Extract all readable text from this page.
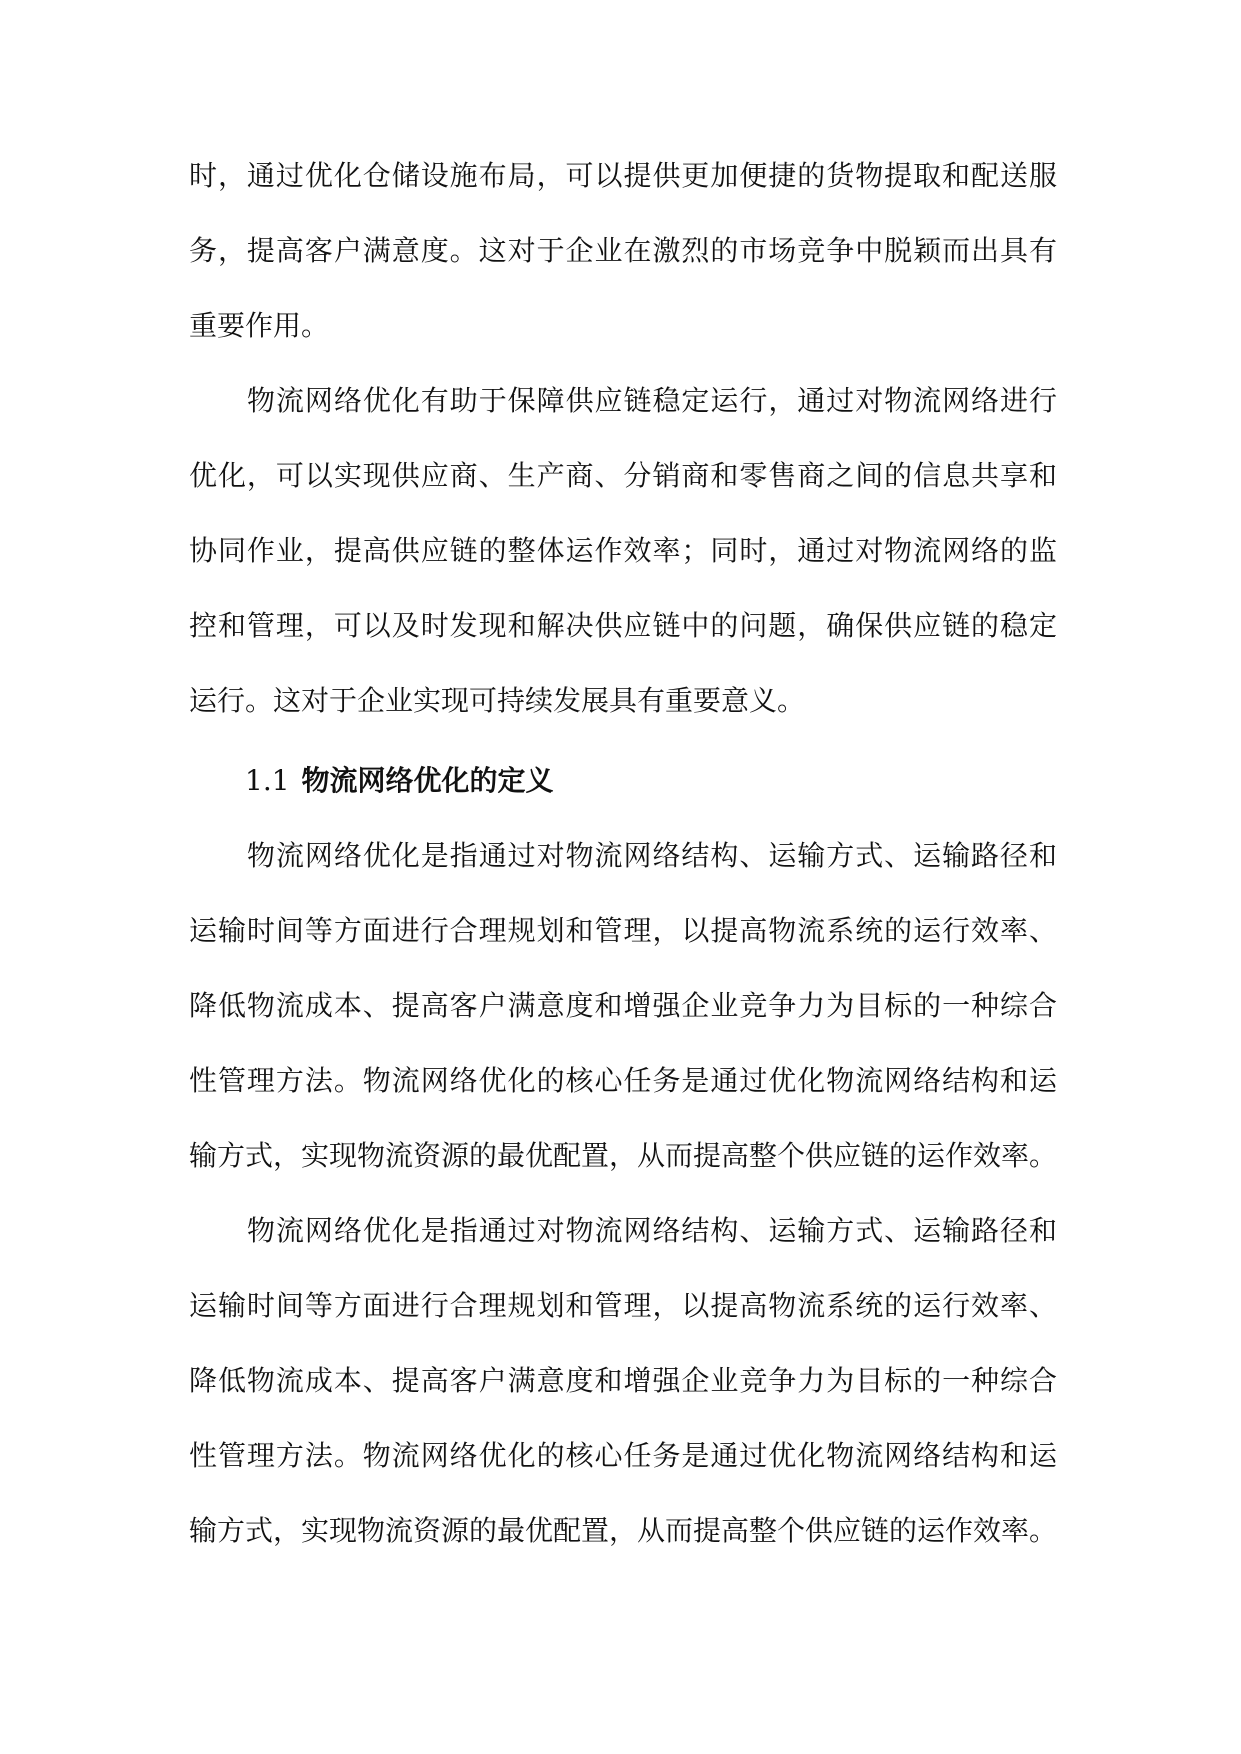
时，通过优化仓储设施布局，可以提供更加便捷的货物提取和配送服
务，提高客户满意度。这对于企业在激烈的市场竞争中脱颖而出具有
重要作用。
物流网络优化有助于保障供应链稳定运行，通过对物流网络进行
优化，可以实现供应商、生产商、分销商和零售商之间的信息共享和
协同作业，提高供应链的整体运作效率；同时，通过对物流网络的监
控和管理，可以及时发现和解决供应链中的问题，确保供应链的稳定
运行。这对于企业实现可持续发展具有重要意义。
1.1 物流网络优化的定义
物流网络优化是指通过对物流网络结构、运输方式、运输路径和
运输时间等方面进行合理规划和管理，以提高物流系统的运行效率、
降低物流成本、提高客户满意度和增强企业竞争力为目标的一种综合
性管理方法。物流网络优化的核心任务是通过优化物流网络结构和运
输方式，实现物流资源的最优配置，从而提高整个供应链的运作效率。
物流网络优化是指通过对物流网络结构、运输方式、运输路径和
运输时间等方面进行合理规划和管理，以提高物流系统的运行效率、
降低物流成本、提高客户满意度和增强企业竞争力为目标的一种综合
性管理方法。物流网络优化的核心任务是通过优化物流网络结构和运
输方式，实现物流资源的最优配置，从而提高整个供应链的运作效率。
